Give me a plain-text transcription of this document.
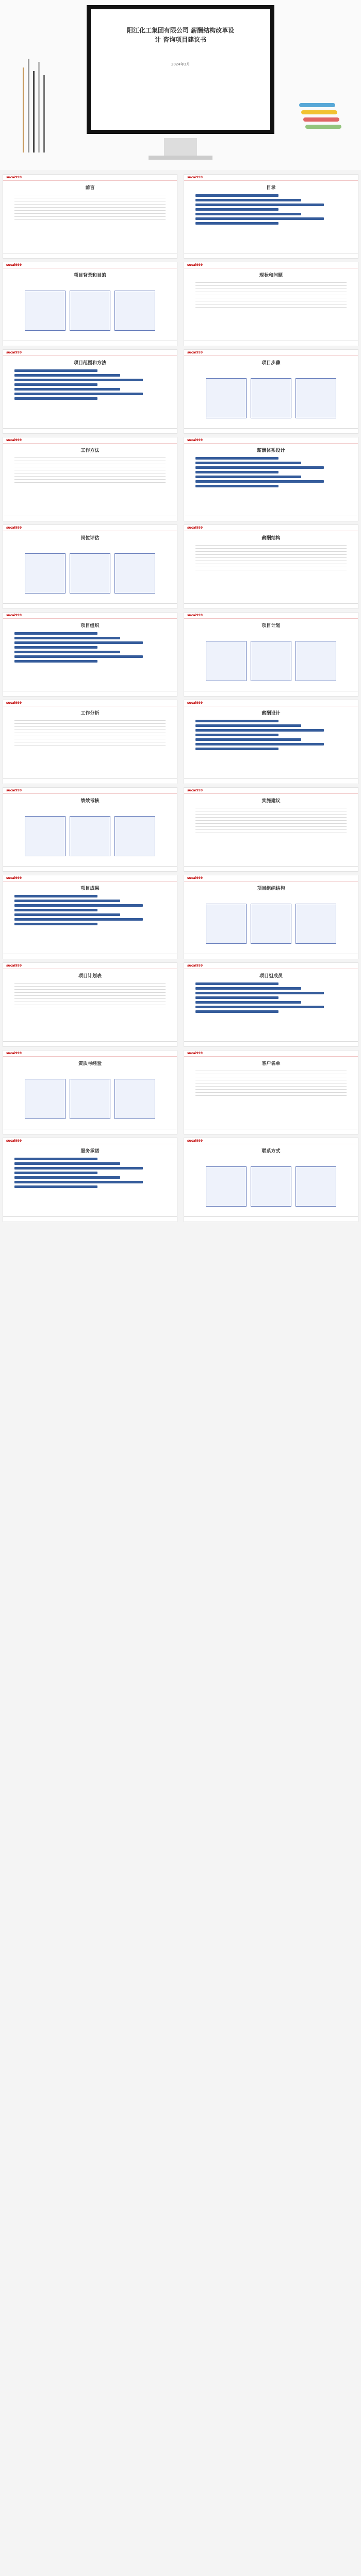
阳江化工集团有限公司 薪酬结构改革设计 咨询项目建议书
2024年3月
sucai999
前言
sucai999
目录
sucai999
项目背景和目的
sucai999
现状和问题
sucai999
项目范围和方法
sucai999
项目步骤
sucai999
工作方法
sucai999
薪酬体系设计
sucai999
岗位评估
sucai999
薪酬结构
sucai999
项目组织
sucai999
项目计划
sucai999
工作分析
sucai999
薪酬设计
sucai999
绩效考核
sucai999
实施建议
sucai999
项目成果
sucai999
项目组织结构
sucai999
项目计划表
sucai999
项目组成员
sucai999
资质与经验
sucai999
客户名单
sucai999
服务承诺
sucai999
联系方式
